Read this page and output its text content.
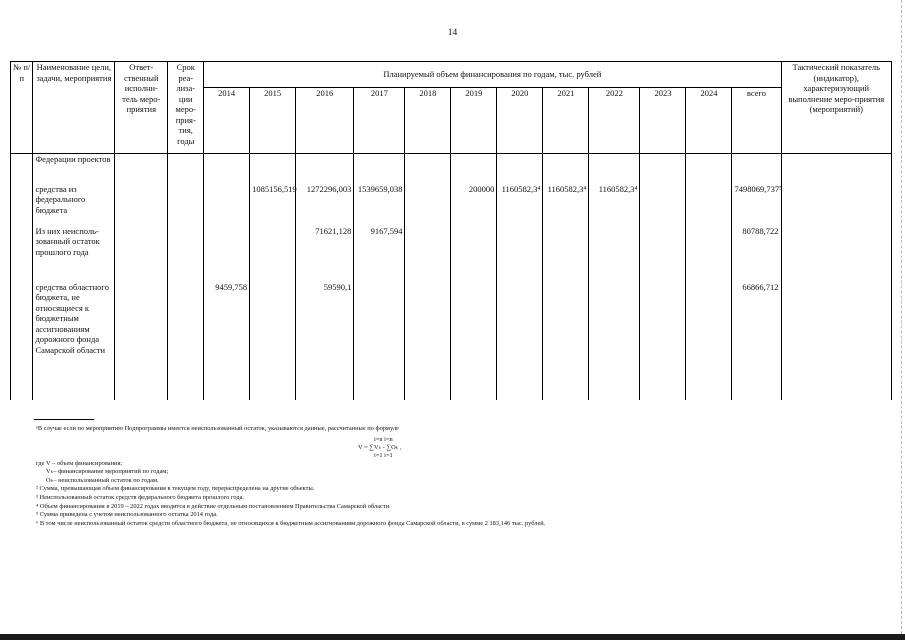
14
№ п/п	Наименование цели, задачи, мероприятия	Ответ-ственный исполни-тель меро-приятия	Срок реа-лиза-ции меро-прия-тия, годы	Планируемый объем финансирования по годам, тыс. рублей												Тактический показатель (индикатор), характеризующий выполнение меро-приятия (мероприятий)
				2014	2015	2016	2017	2018	2019	2020	2021	2022	2023	2024	всего	
	Федерации проектов															
	средства из федерального бюджета				1085156,519	1272296,003	1539659,038		200000	1160582,3⁴	1160582,3⁴	1160582,3⁴			7498069,737⁵	
	Из них неисполь-зованный остаток прошлого года					71621,128	9167,594								80788,722	
	средства областного бюджета, не относящиеся к бюджетным ассигнованиям дорожного фонда Самарской области			9459,758		59590,1									66866,712	

¹В случае если по мероприятию Подпрограммы имеется неиспользованный остаток, указываются данные, рассчитанные по формуле

где V – объем финансирования;

Vₖ– финансирование мероприятий по годам;

Oₖ– неиспользованный остаток по годам.

² Сумма, превышающая объем финансирования в текущем году, перераспределена на другие объекты.

³ Неиспользованный остаток средств федерального бюджета прошлого года.

⁴ Объем финансирования в 2019 – 2022 годах вводится в действие отдельным постановлением Правительства Самарской области.

⁵ Сумма приведена с учетом неиспользованного остатка 2014 года.

⁶ В том числе неиспользованный остаток средств областного бюджета, не относящихся к бюджетным ассигнованиям дорожного фонда Самарской области, в сумме 2 183,146 тыс. рублей.

i=n i=n
V = ∑Vₖ - ∑Oₖ ,
i=1 i=1
